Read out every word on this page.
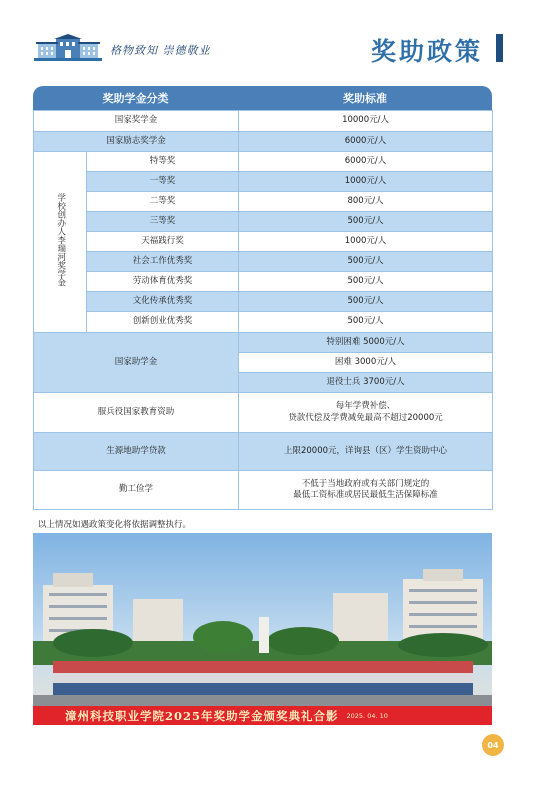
格物致知 崇德敬业	奖助政策
奖助学金分类	奖助标准
国家奖学金		10000元/人
国家励志奖学金		6000元/人
学校创办人李瑞河奖学金	特等奖	6000元/人
	一等奖	1000元/人
	二等奖	800元/人
	三等奖	500元/人
	天福践行奖	1000元/人
	社会工作优秀奖	500元/人
	劳动体育优秀奖	500元/人
	文化传承优秀奖	500元/人
	创新创业优秀奖	500元/人
国家助学金		特别困难 5000元/人
		困难 3000元/人
		退役士兵 3700元/人
服兵役国家教育资助		每年学费补偿、
贷款代偿及学费减免最高不超过20000元

生源地助学贷款		上限20000元，详询县（区）学生资助中心
勤工俭学		不低于当地政府或有关部门规定的
最低工资标准或居民最低生活保障标准
以上情况如遇政策变化将依据调整执行。
漳州科技职业学院2025年奖助学金颁奖典礼合影 2025. 04. 10
04
